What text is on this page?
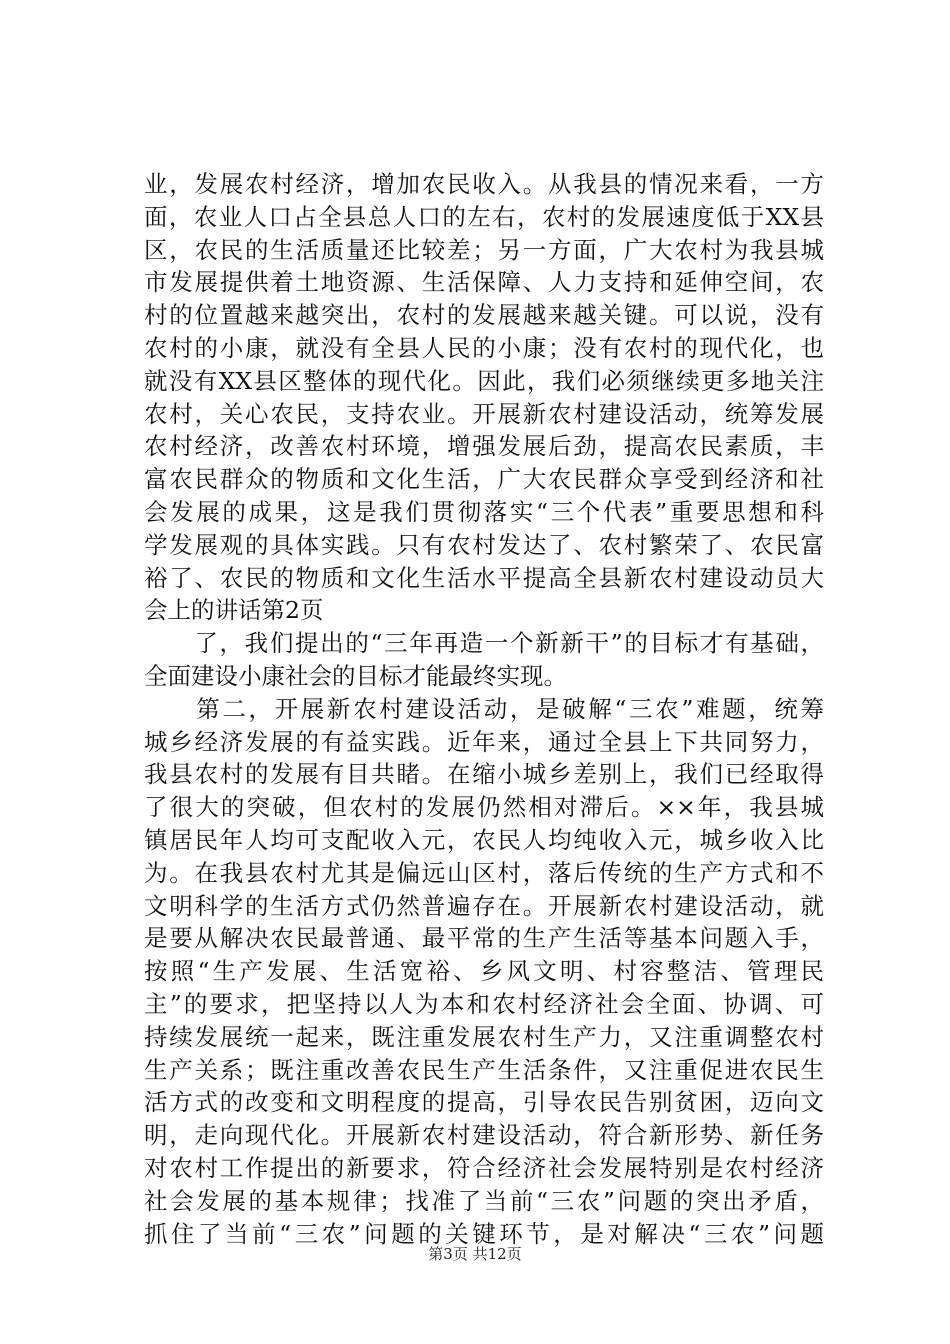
业，发展农村经济，增加农民收入。从我县的情况来看，一方
面，农业人口占全县总人口的左右，农村的发展速度低于XX县
区，农民的生活质量还比较差；另一方面，广大农村为我县城
市发展提供着土地资源、生活保障、人力支持和延伸空间，农
村的位置越来越突出，农村的发展越来越关键。可以说，没有
农村的小康，就没有全县人民的小康；没有农村的现代化，也
就没有XX县区整体的现代化。因此，我们必须继续更多地关注
农村，关心农民，支持农业。开展新农村建设活动，统筹发展
农村经济，改善农村环境，增强发展后劲，提高农民素质，丰
富农民群众的物质和文化生活，广大农民群众享受到经济和社
会发展的成果，这是我们贯彻落实“三个代表”重要思想和科
学发展观的具体实践。只有农村发达了、农村繁荣了、农民富
裕了、农民的物质和文化生活水平提高全县新农村建设动员大
会上的讲话第2页
　　了，我们提出的“三年再造一个新新干”的目标才有基础，
全面建设小康社会的目标才能最终实现。
　　第二，开展新农村建设活动，是破解“三农”难题，统筹
城乡经济发展的有益实践。近年来，通过全县上下共同努力，
我县农村的发展有目共睹。在缩小城乡差别上，我们已经取得
了很大的突破，但农村的发展仍然相对滞后。××年，我县城
镇居民年人均可支配收入元，农民人均纯收入元，城乡收入比
为。在我县农村尤其是偏远山区村，落后传统的生产方式和不
文明科学的生活方式仍然普遍存在。开展新农村建设活动，就
是要从解决农民最普通、最平常的生产生活等基本问题入手，
按照“生产发展、生活宽裕、乡风文明、村容整洁、管理民
主”的要求，把坚持以人为本和农村经济社会全面、协调、可
持续发展统一起来，既注重发展农村生产力，又注重调整农村
生产关系；既注重改善农民生产生活条件，又注重促进农民生
活方式的改变和文明程度的提高，引导农民告别贫困，迈向文
明，走向现代化。开展新农村建设活动，符合新形势、新任务
对农村工作提出的新要求，符合经济社会发展特别是农村经济
社会发展的基本规律；找准了当前“三农”问题的突出矛盾，
抓住了当前“三农”问题的关键环节，是对解决“三农”问题
第3页 共12页
